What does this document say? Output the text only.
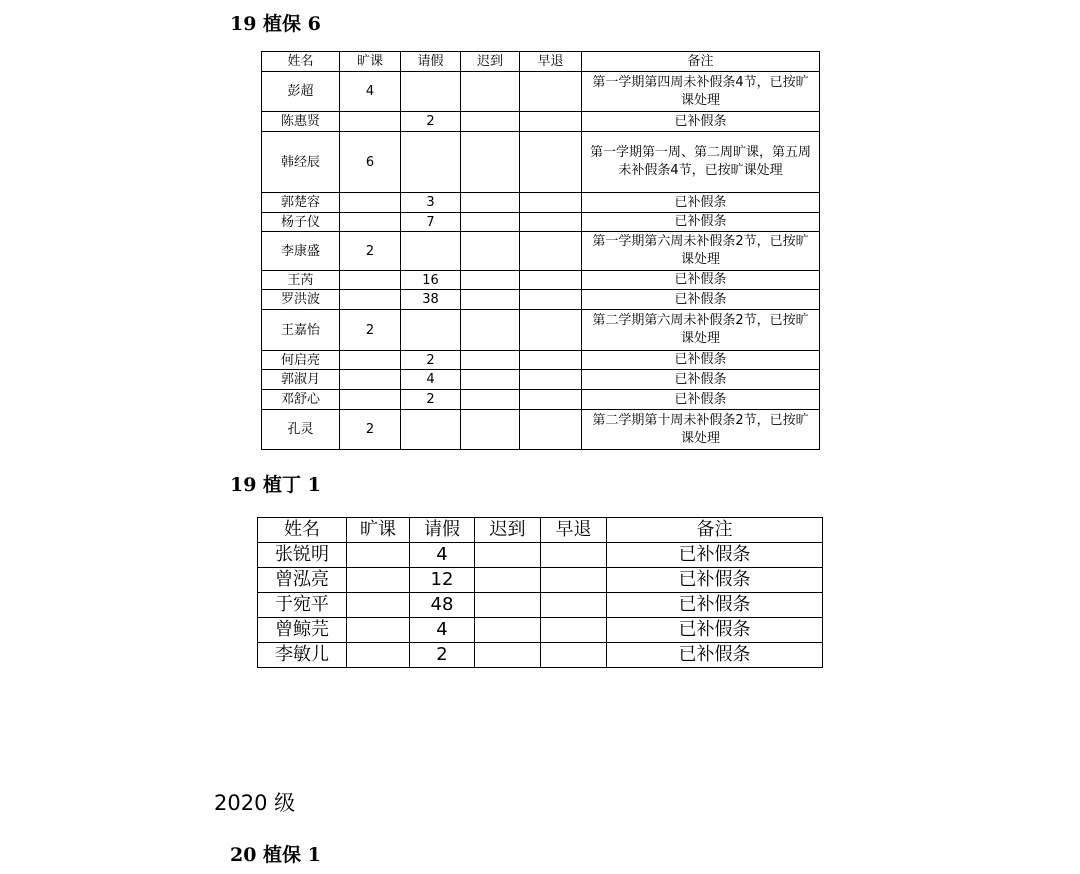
19 植保 6
姓名	旷课	请假	迟到	早退	备注
彭超	4				第一学期第四周未补假条4节，已按旷课处理
陈惠贤		2			已补假条
韩经辰	6				第一学期第一周、第二周旷课，第五周未补假条4节，已按旷课处理
郭楚容		3			已补假条
杨子仪		7			已补假条
李康盛	2				第一学期第六周未补假条2节，已按旷课处理
王芮		16			已补假条
罗洪波		38			已补假条
王嘉怡	2				第二学期第六周未补假条2节，已按旷课处理
何启亮		2			已补假条
郭淑月		4			已补假条
邓舒心		2			已补假条
孔灵	2				第二学期第十周未补假条2节，已按旷课处理
19 植丁 1
姓名	旷课	请假	迟到	早退	备注
张锐明		4			已补假条
曾泓亮		12			已补假条
于宛平		48			已补假条
曾鲸芫		4			已补假条
李敏儿		2			已补假条
2020 级
20 植保 1
